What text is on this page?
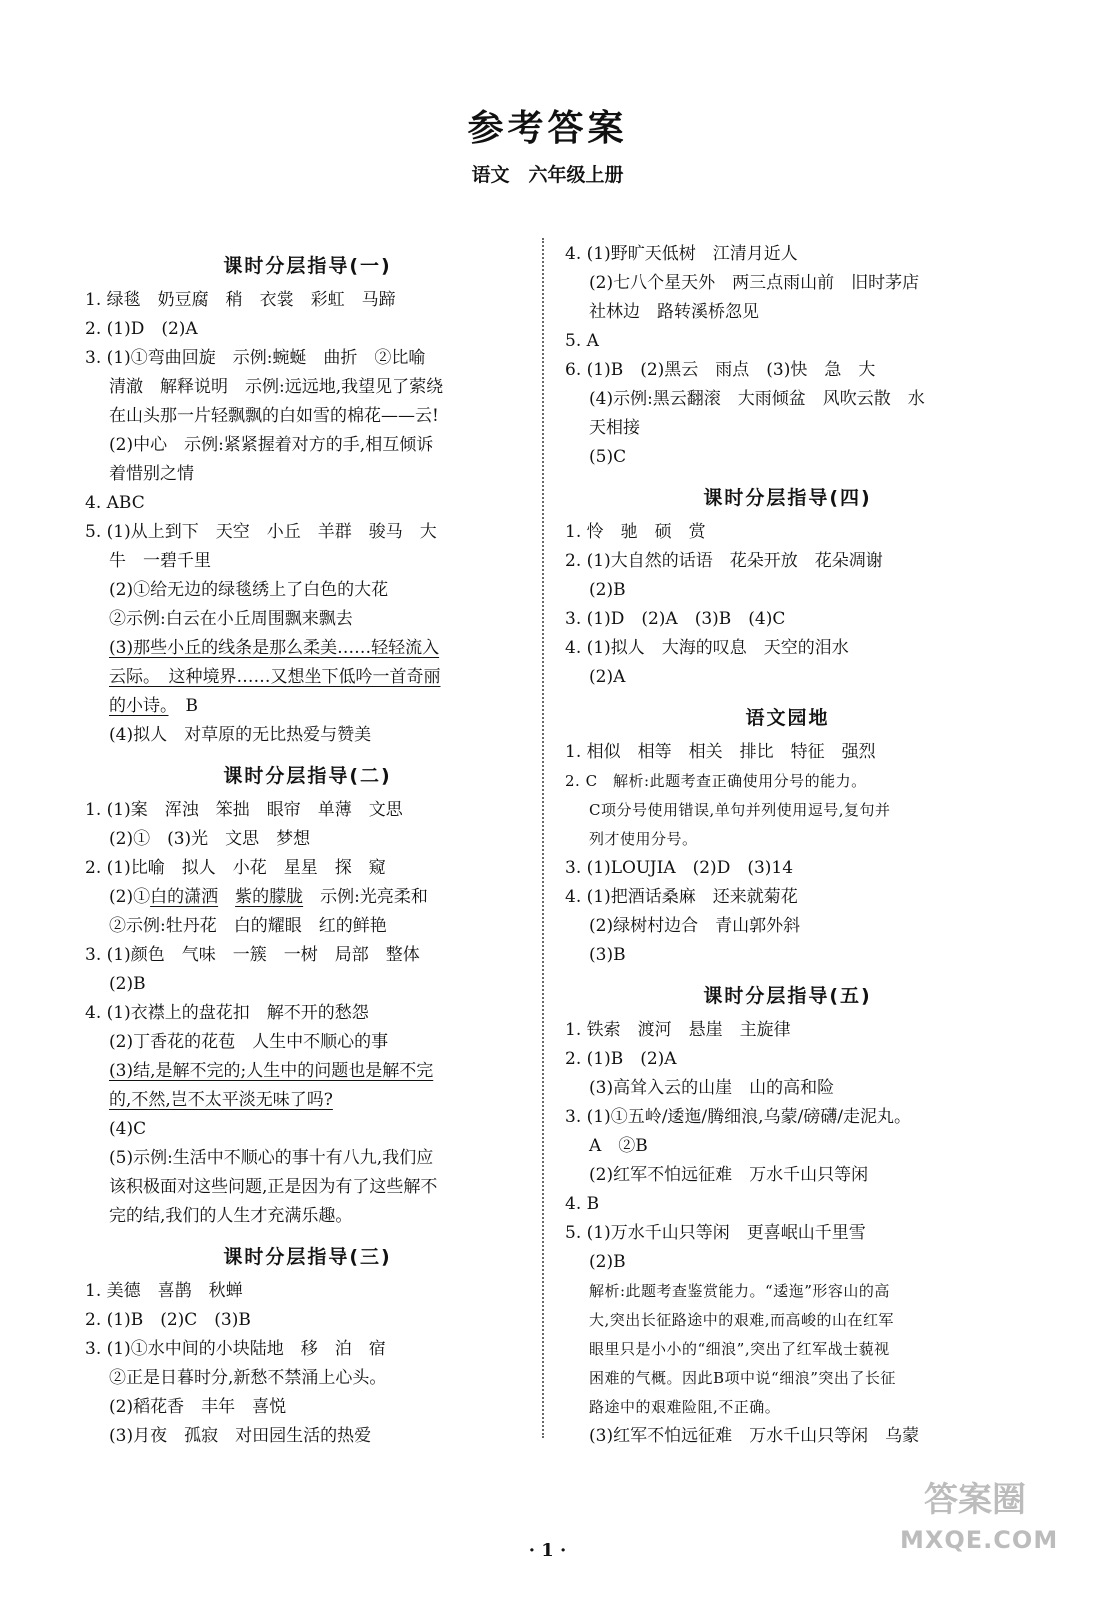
参考答案
语文　六年级上册
课时分层指导(一)
1. 绿毯　奶豆腐　稍　衣裳　彩虹　马蹄
2. (1)D　(2)A
3. (1)①弯曲回旋　示例:蜿蜒　曲折　②比喻
清澈　解释说明　示例:远远地,我望见了萦绕
在山头那一片轻飘飘的白如雪的棉花——云!
(2)中心　示例:紧紧握着对方的手,相互倾诉
着惜别之情
4. ABC
5. (1)从上到下　天空　小丘　羊群　骏马　大
牛　一碧千里
(2)①给无边的绿毯绣上了白色的大花
②示例:白云在小丘周围飘来飘去
(3)那些小丘的线条是那么柔美……轻轻流入
云际。　这种境界……又想坐下低吟一首奇丽
的小诗。　 B
(4)拟人　对草原的无比热爱与赞美
课时分层指导(二)
1. (1)案　浑浊　笨拙　眼帘　单薄　文思
(2)①　(3)光　文思　梦想
2. (1)比喻　拟人　小花　星星　探　窥
(2)①白的潇洒　 紫的朦胧　 示例:光亮柔和
②示例:牡丹花　白的耀眼　红的鲜艳
3. (1)颜色　气味　一簇　一树　局部　整体
(2)B
4. (1)衣襟上的盘花扣　解不开的愁怨
(2)丁香花的花苞　人生中不顺心的事
(3)结,是解不完的;人生中的问题也是解不完
的,不然,岂不太平淡无味了吗?
(4)C
(5)示例:生活中不顺心的事十有八九,我们应
该积极面对这些问题,正是因为有了这些解不
完的结,我们的人生才充满乐趣。
课时分层指导(三)
1. 美德　喜鹊　秋蝉
2. (1)B　(2)C　(3)B
3. (1)①水中间的小块陆地　移　泊　宿
②正是日暮时分,新愁不禁涌上心头。
(2)稻花香　丰年　喜悦
(3)月夜　孤寂　对田园生活的热爱
4. (1)野旷天低树　江清月近人
(2)七八个星天外　两三点雨山前　旧时茅店
社林边　路转溪桥忽见
5. A
6. (1)B　(2)黑云　雨点　(3)快　急　大
(4)示例:黑云翻滚　大雨倾盆　风吹云散　水
天相接
(5)C
课时分层指导(四)
1. 怜　驰　硕　赏
2. (1)大自然的话语　花朵开放　花朵凋谢
(2)B
3. (1)D　(2)A　(3)B　(4)C
4. (1)拟人　大海的叹息　天空的泪水
(2)A
语文园地
1. 相似　相等　相关　排比　特征　强烈
2. C　解析:此题考查正确使用分号的能力。
C项分号使用错误,单句并列使用逗号,复句并
列才使用分号。
3. (1)LOUJIA　(2)D　(3)14
4. (1)把酒话桑麻　还来就菊花
(2)绿树村边合　青山郭外斜
(3)B
课时分层指导(五)
1. 铁索　渡河　悬崖　主旋律
2. (1)B　(2)A
(3)高耸入云的山崖　山的高和险
3. (1)①五岭/逶迤/腾细浪,乌蒙/磅礴/走泥丸。
A　②B
(2)红军不怕远征难　万水千山只等闲
4. B
5. (1)万水千山只等闲　更喜岷山千里雪
(2)B
解析:此题考查鉴赏能力。“逶迤”形容山的高
大,突出长征路途中的艰难,而高峻的山在红军
眼里只是小小的“细浪”,突出了红军战士藐视
困难的气概。因此B项中说“细浪”突出了长征
路途中的艰难险阻,不正确。
(3)红军不怕远征难　万水千山只等闲　乌蒙
· 1 ·
答案圈
MXQE.COM
